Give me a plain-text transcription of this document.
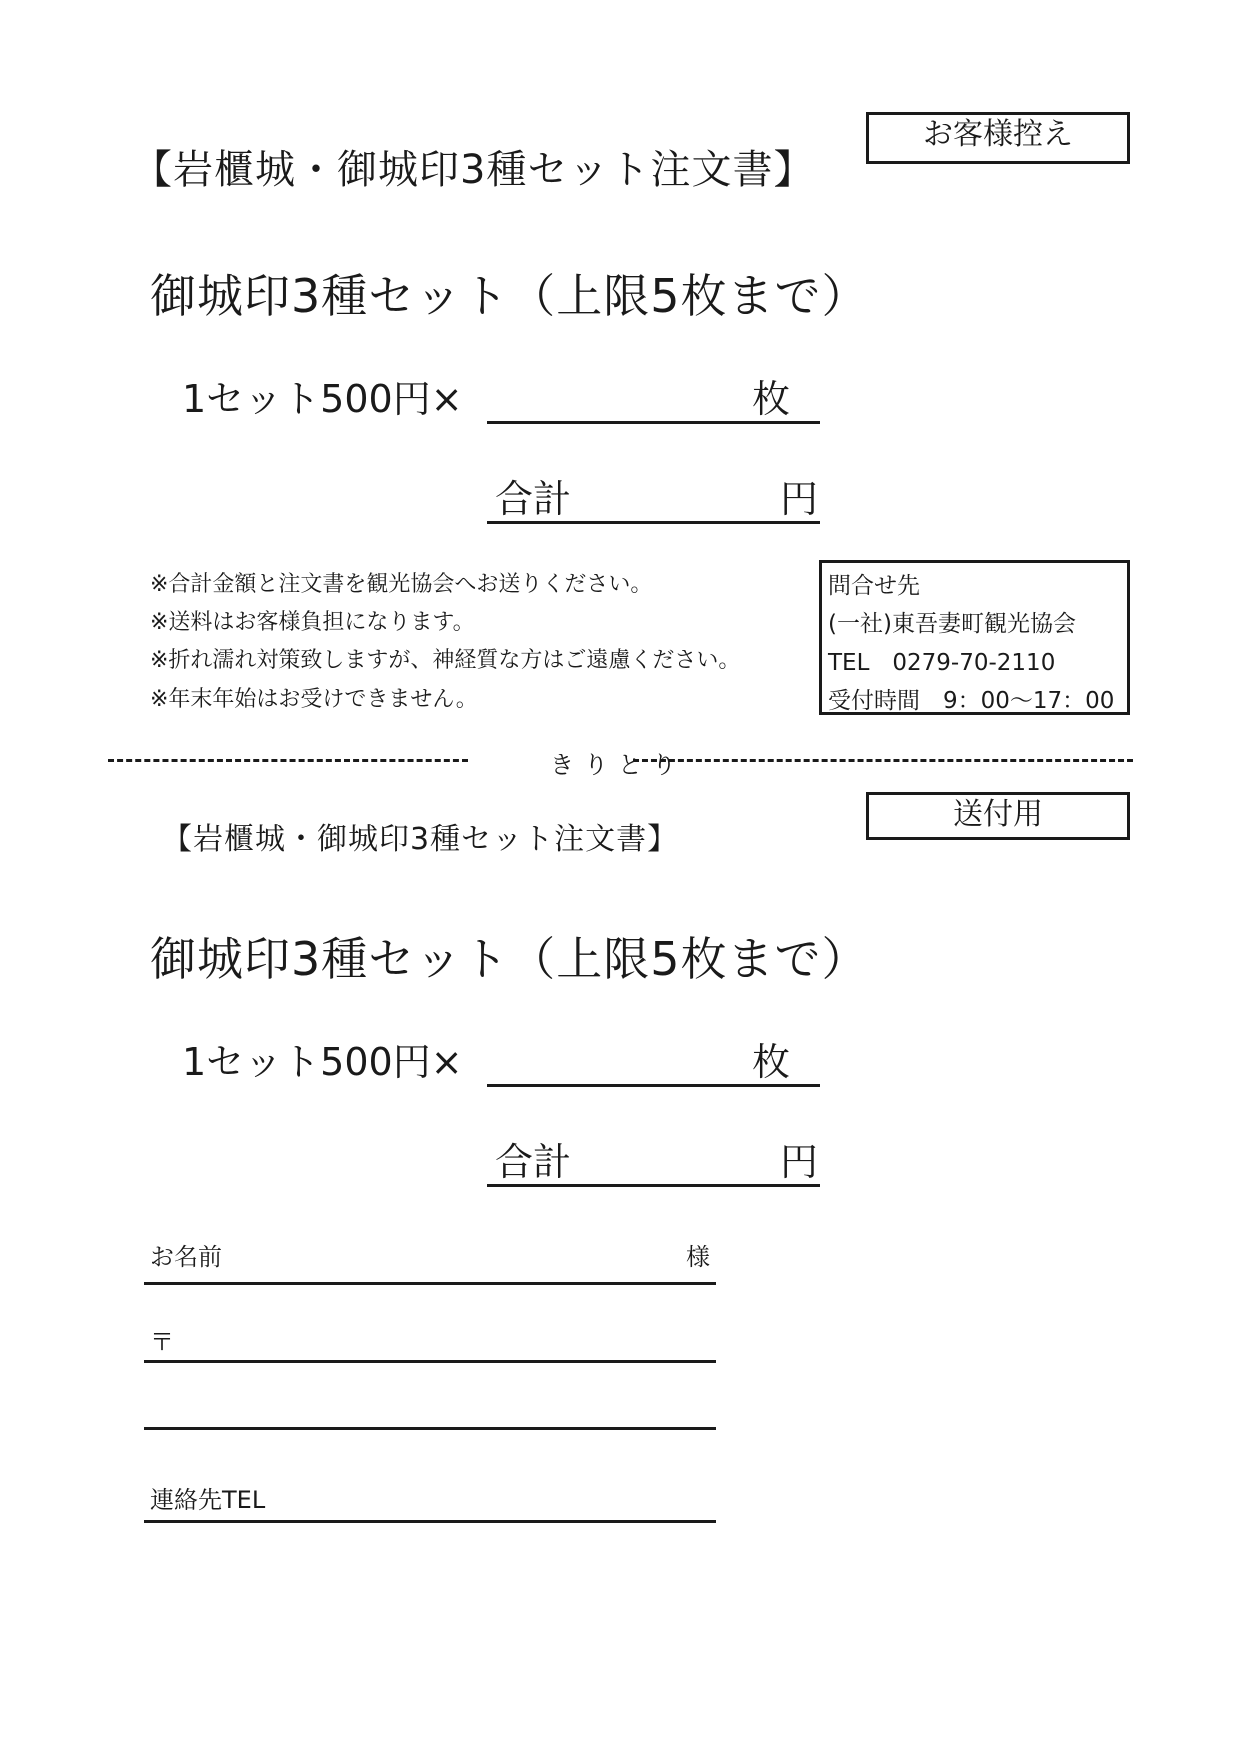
お客様控え
【岩櫃城・御城印3種セット注文書】
御城印3種セット（上限5枚まで）
1セット500円×	枚
合計	円
※合計金額と注文書を観光協会へお送りください。
※送料はお客様負担になります。
※折れ濡れ対策致しますが、神経質な方はご遠慮ください。
※年末年始はお受けできません。
問合せ先
(一社)東吾妻町観光協会
TEL　0279-70-2110
受付時間　9：00〜17：00
きりとり
送付用
【岩櫃城・御城印3種セット注文書】
御城印3種セット（上限5枚まで）
1セット500円×	枚
合計	円
お名前	様
〒
連絡先TEL
